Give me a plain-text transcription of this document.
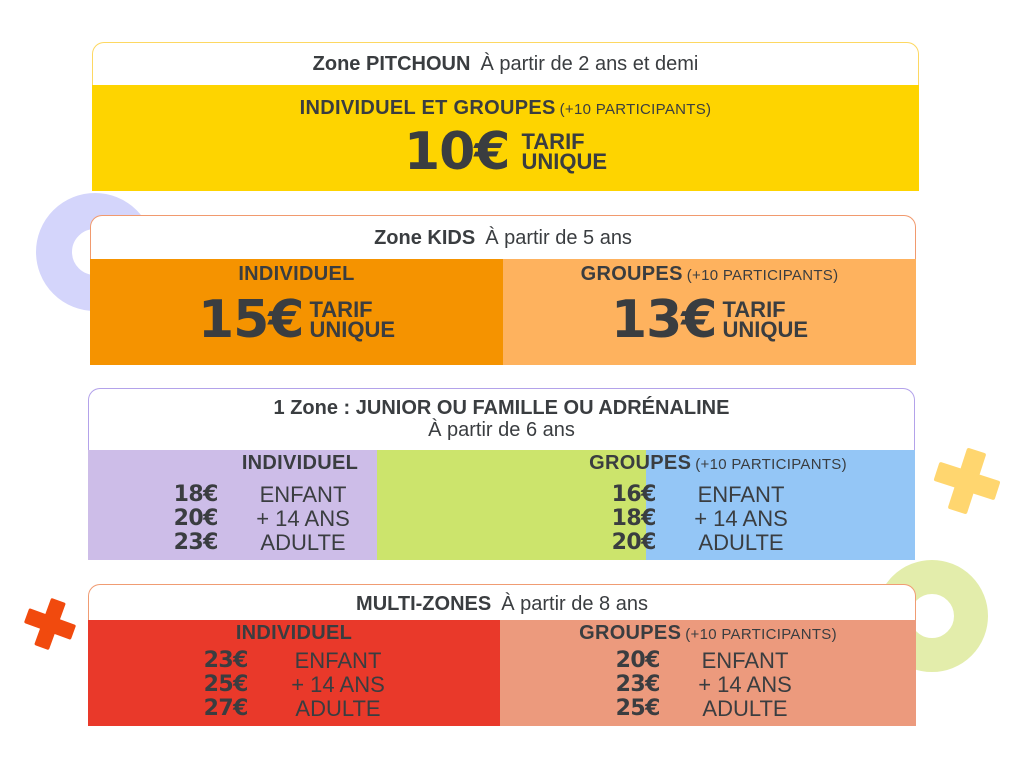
Zone PITCHOUN À partir de 2 ans et demi
INDIVIDUEL ET GROUPES (+10 PARTICIPANTS)
10€ TARIF
UNIQUE
Zone KIDS À partir de 5 ans
INDIVIDUEL
15€ TARIF
UNIQUE
GROUPES (+10 PARTICIPANTS)
13€ TARIF
UNIQUE
1 Zone : JUNIOR OU FAMILLE OU ADRÉNALINE
À partir de 6 ans
INDIVIDUEL
18€	ENFANT
20€	+ 14 ANS
23€	ADULTE
GROUPES (+10 PARTICIPANTS)
16€	ENFANT
18€	+ 14 ANS
20€	ADULTE
MULTI-ZONES À partir de 8 ans
INDIVIDUEL
23€	ENFANT
25€	+ 14 ANS
27€	ADULTE
GROUPES (+10 PARTICIPANTS)
20€	ENFANT
23€	+ 14 ANS
25€	ADULTE
